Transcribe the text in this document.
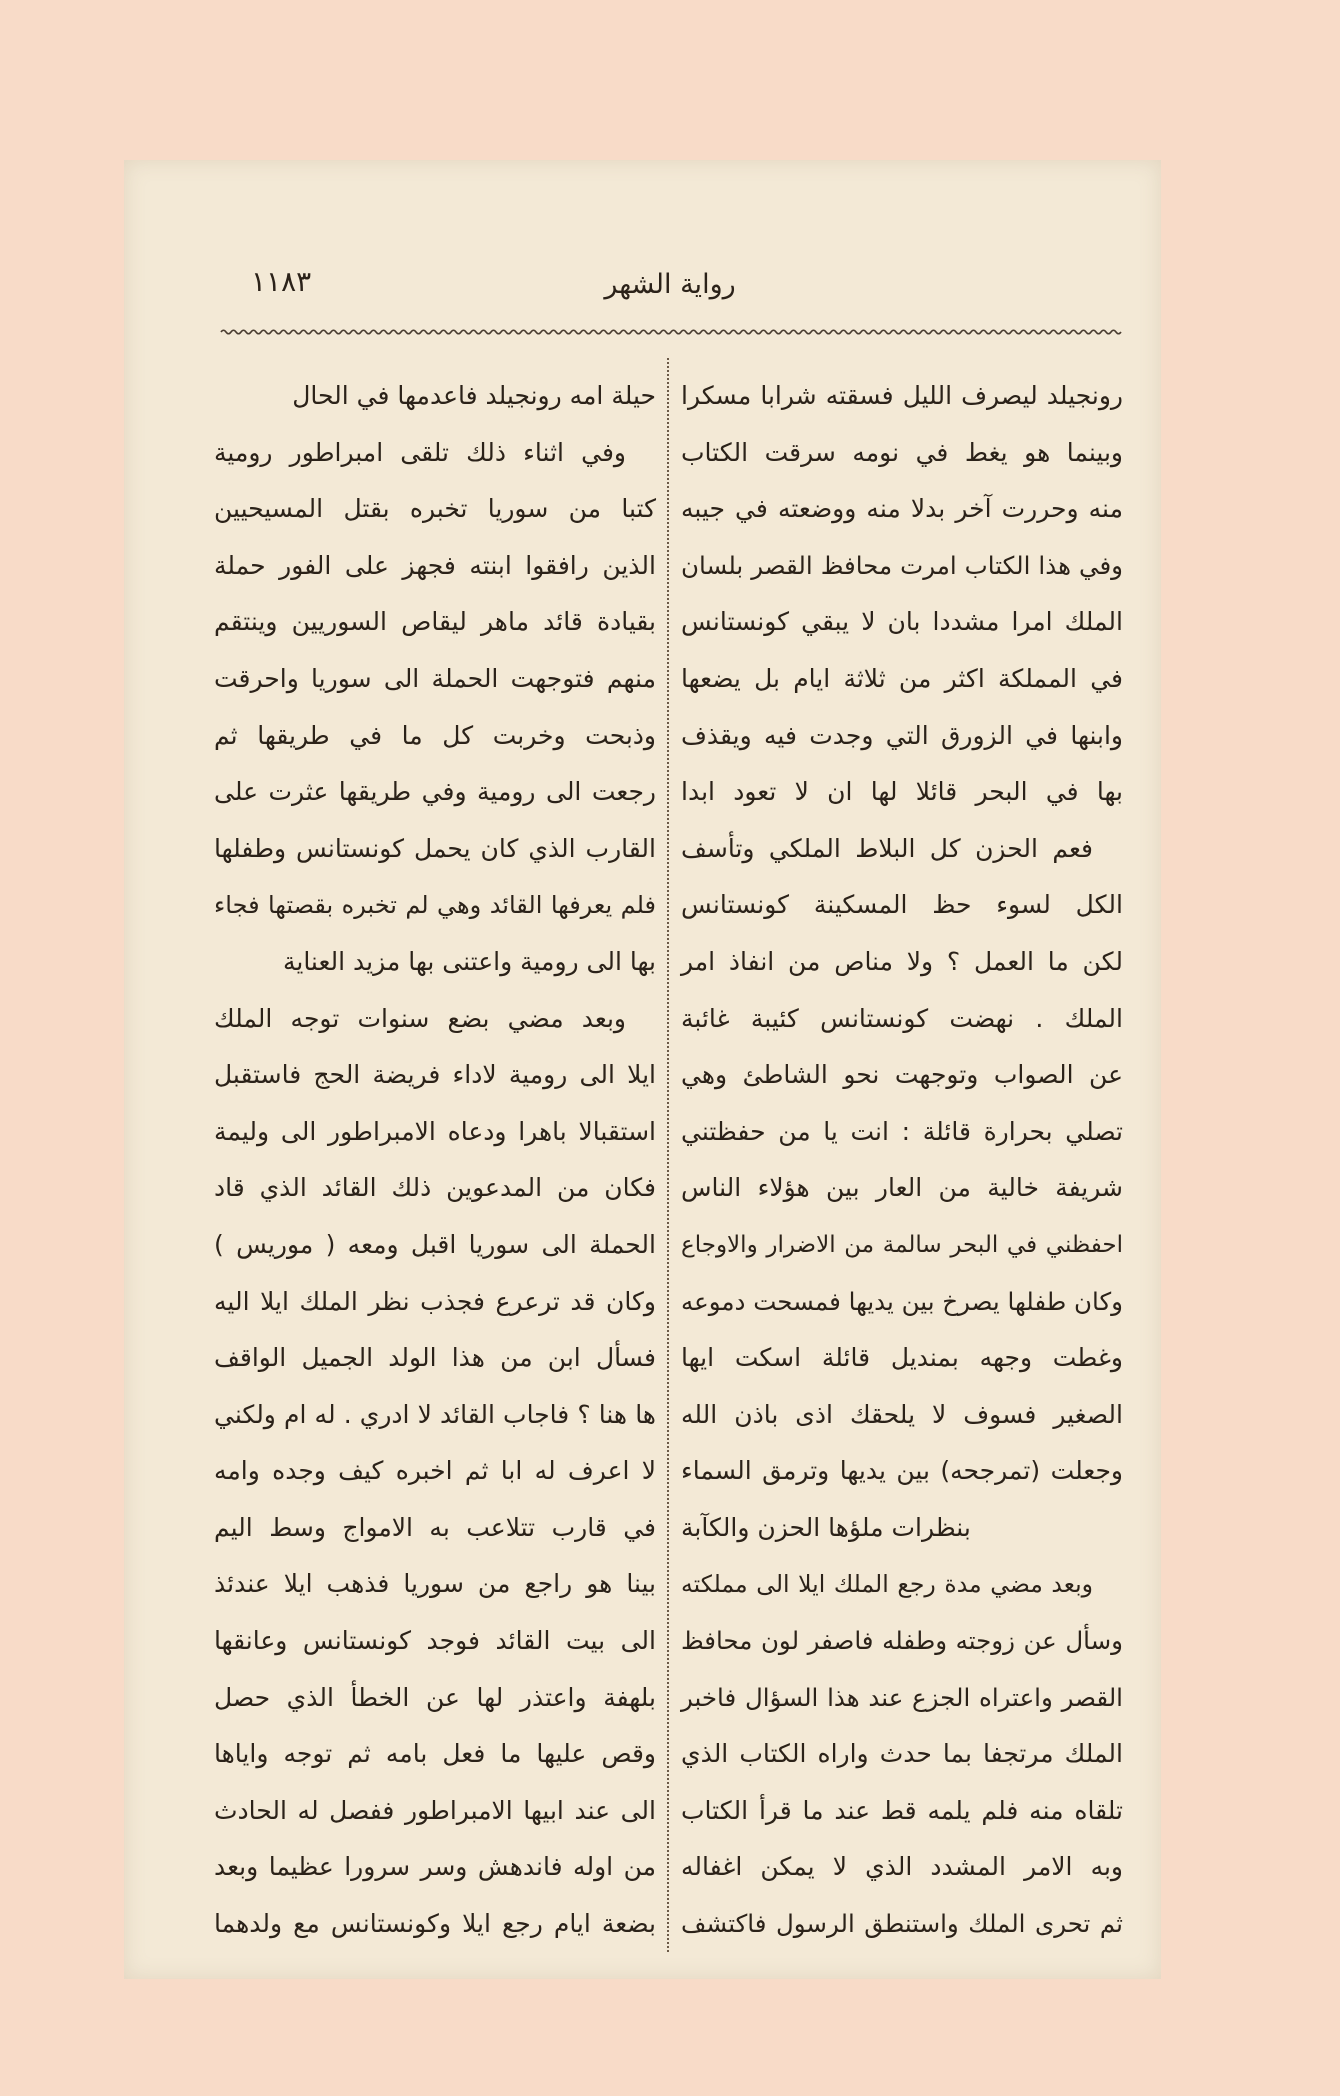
رواية الشهر
١١٨٣
رونجيلد ليصرف الليل فسقته شرابا مسكرا
وبينما هو يغط في نومه سرقت الكتاب
منه وحررت آخر بدلا منه ووضعته في جيبه
وفي هذا الكتاب امرت محافظ القصر بلسان
الملك امرا مشددا بان لا يبقي كونستانس
في المملكة اكثر من ثلاثة ايام بل يضعها
وابنها في الزورق التي وجدت فيه ويقذف
بها في البحر قائلا لها ان لا تعود ابدا
فعم الحزن كل البلاط الملكي وتأسف
الكل لسوء حظ المسكينة كونستانس
لكن ما العمل ؟ ولا مناص من انفاذ امر
الملك . نهضت كونستانس كئيبة غائبة
عن الصواب وتوجهت نحو الشاطئ وهي
تصلي بحرارة قائلة : انت يا من حفظتني
شريفة خالية من العار بين هؤلاء الناس
احفظني في البحر سالمة من الاضرار والاوجاع
وكان طفلها يصرخ بين يديها فمسحت دموعه
وغطت وجهه بمنديل قائلة اسكت ايها
الصغير فسوف لا يلحقك اذى باذن الله
وجعلت (تمرجحه) بين يديها وترمق السماء
بنظرات ملؤها الحزن والكآبة
وبعد مضي مدة رجع الملك ايلا الى مملكته
وسأل عن زوجته وطفله فاصفر لون محافظ
القصر واعتراه الجزع عند هذا السؤال فاخبر
الملك مرتجفا بما حدث واراه الكتاب الذي
تلقاه منه فلم يلمه قط عند ما قرأ الكتاب
وبه الامر المشدد الذي لا يمكن اغفاله
ثم تحرى الملك واستنطق الرسول فاكتشف
حيلة امه رونجيلد فاعدمها في الحال
وفي اثناء ذلك تلقى امبراطور رومية
كتبا من سوريا تخبره بقتل المسيحيين
الذين رافقوا ابنته فجهز على الفور حملة
بقيادة قائد ماهر ليقاص السوريين وينتقم
منهم فتوجهت الحملة الى سوريا واحرقت
وذبحت وخربت كل ما في طريقها ثم
رجعت الى رومية وفي طريقها عثرت على
القارب الذي كان يحمل كونستانس وطفلها
فلم يعرفها القائد وهي لم تخبره بقصتها فجاء
بها الى رومية واعتنى بها مزيد العناية
وبعد مضي بضع سنوات توجه الملك
ايلا الى رومية لاداء فريضة الحج فاستقبل
استقبالا باهرا ودعاه الامبراطور الى وليمة
فكان من المدعوين ذلك القائد الذي قاد
الحملة الى سوريا اقبل ومعه ( موريس )
وكان قد ترعرع فجذب نظر الملك ايلا اليه
فسأل ابن من هذا الولد الجميل الواقف
ها هنا ؟ فاجاب القائد لا ادري . له ام ولكني
لا اعرف له ابا ثم اخبره كيف وجده وامه
في قارب تتلاعب به الامواج وسط اليم
بينا هو راجع من سوريا فذهب ايلا عندئذ
الى بيت القائد فوجد كونستانس وعانقها
بلهفة واعتذر لها عن الخطأ الذي حصل
وقص عليها ما فعل بامه ثم توجه واياها
الى عند ابيها الامبراطور ففصل له الحادث
من اوله فاندهش وسر سرورا عظيما وبعد
بضعة ايام رجع ايلا وكونستانس مع ولدهما
